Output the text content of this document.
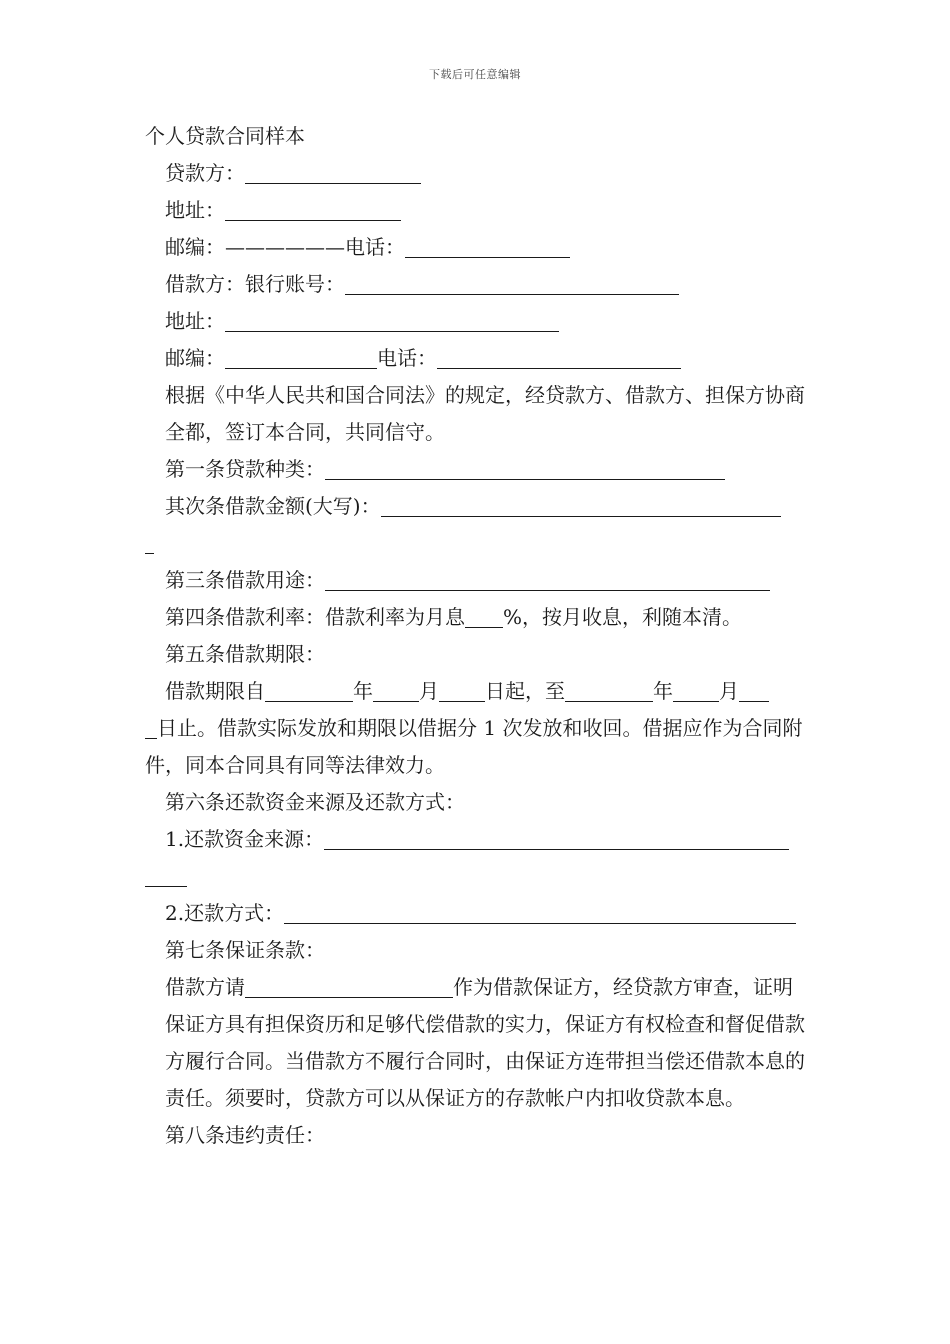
下载后可任意编辑

个人贷款合同样本

贷款方：

地址：

邮编：——————电话：

借款方：银行账号：

地址：

邮编：	电话：

根据《中华人民共和国合同法》的规定，经贷款方、借款方、担保方协商全都，签订本合同，共同信守。

第一条贷款种类：

其次条借款金额(大写)：

第三条借款用途：

第四条借款利率：借款利率为月息 %，按月收息，利随本清。

第五条借款期限：

借款期限自	年 月 日起，至	年 月

日止。借款实际发放和期限以借据分 1 次发放和收回。借据应作为合同附件，同本合同具有同等法律效力。

第六条还款资金来源及还款方式：

1.还款资金来源：

2.还款方式：

第七条保证条款：

借款方请	作为借款保证方，经贷款方审查，证明保证方具有担保资历和足够代偿借款的实力，保证方有权检查和督促借款方履行合同。当借款方不履行合同时，由保证方连带担当偿还借款本息的责任。须要时，贷款方可以从保证方的存款帐户内扣收贷款本息。

第八条违约责任：
